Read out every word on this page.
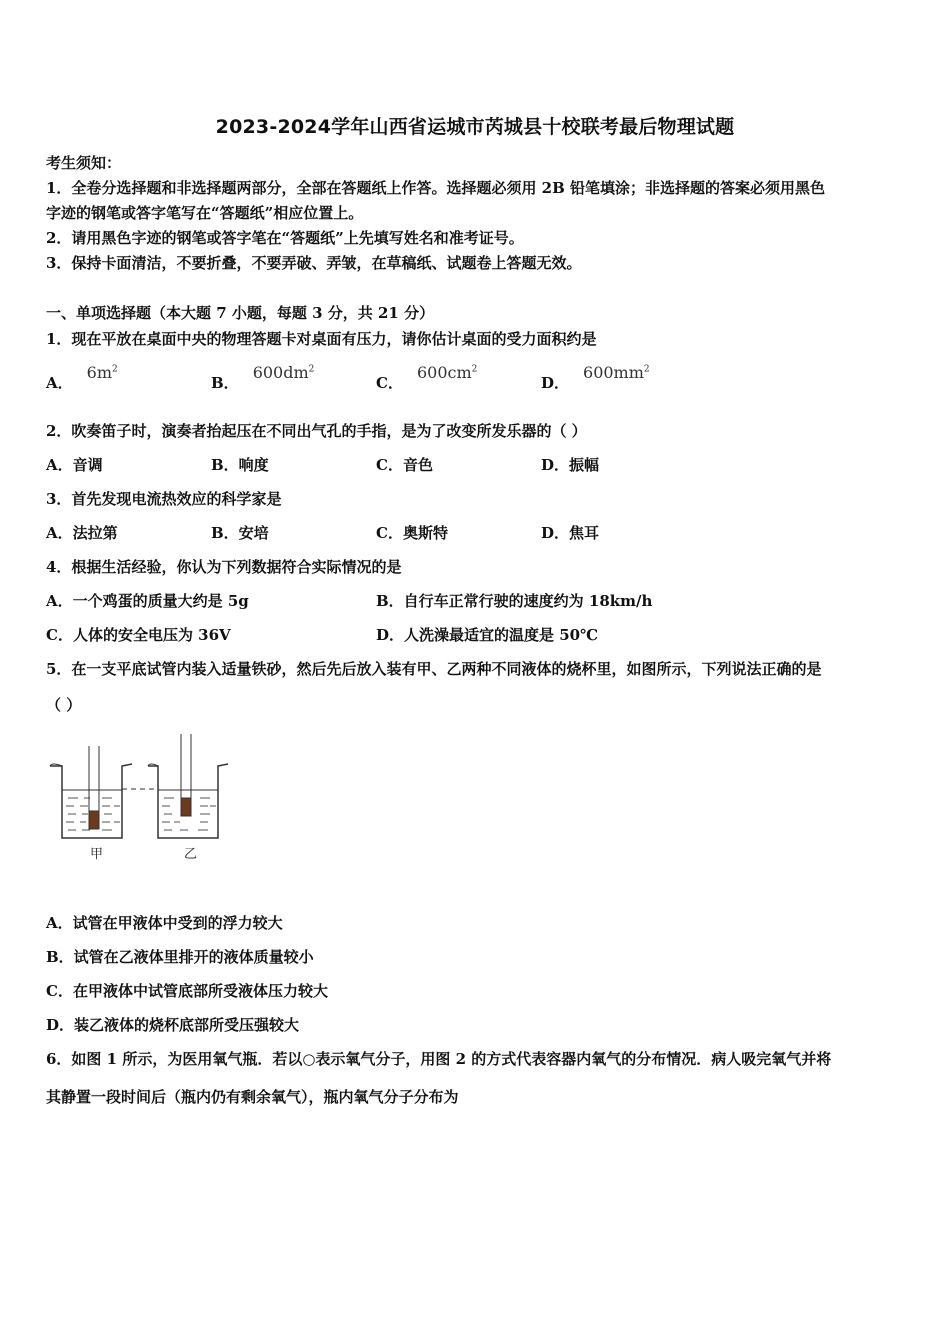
2023-2024学年山西省运城市芮城县十校联考最后物理试题
考生须知：
1．全卷分选择题和非选择题两部分，全部在答题纸上作答。选择题必须用 2B 铅笔填涂；非选择题的答案必须用黑色
字迹的钢笔或答字笔写在“答题纸”相应位置上。
2．请用黑色字迹的钢笔或答字笔在“答题纸”上先填写姓名和准考证号。
3．保持卡面清洁，不要折叠，不要弄破、弄皱，在草稿纸、试题卷上答题无效。
一、单项选择题（本大题 7 小题，每题 3 分，共 21 分）
1．现在平放在桌面中央的物理答题卡对桌面有压力，请你估计桌面的受力面积约是
A．$6m^2$
B．$600dm^2$
C．$600cm^2$
D．$600mm^2$
2．吹奏笛子时，演奏者抬起压在不同出气孔的手指，是为了改变所发乐器的（ ）
A．音调	B．响度	C．音色	D．振幅
3．首先发现电流热效应的科学家是
A．法拉第	B．安培	C．奥斯特	D．焦耳
4．根据生活经验，你认为下列数据符合实际情况的是
A．一个鸡蛋的质量大约是 5g	B．自行车正常行驶的速度约为 18km/h
C．人体的安全电压为 36V	D．人洗澡最适宜的温度是 50℃
5．在一支平底试管内装入适量铁砂，然后先后放入装有甲、乙两种不同液体的烧杯里，如图所示，下列说法正确的是
（ ）
甲	乙
A．试管在甲液体中受到的浮力较大
B．试管在乙液体里排开的液体质量较小
C．在甲液体中试管底部所受液体压力较大
D．装乙液体的烧杯底部所受压强较大
6．如图 1 所示，为医用氧气瓶．若以○表示氧气分子，用图 2 的方式代表容器内氧气的分布情况．病人吸完氧气并将
其静置一段时间后（瓶内仍有剩余氧气），瓶内氧气分子分布为
